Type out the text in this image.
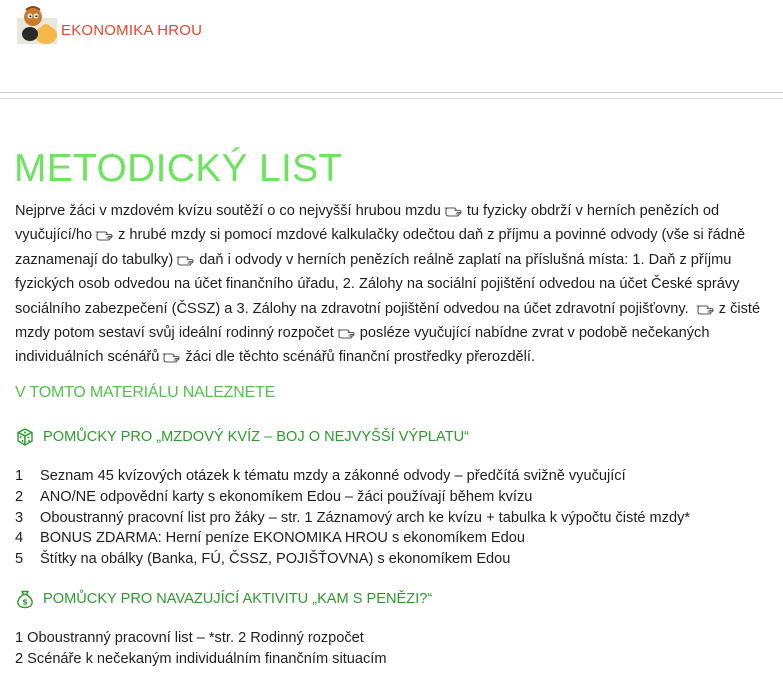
EKONOMIKA HROU
METODICKÝ LIST

Nejprve žáci v mzdovém kvízu soutěží o co nejvyšší hrubou mzdu tu fyzicky obdrží v herních penězích od vyučující/ho z hrubé mzdy si pomocí mzdové kalkulačky odečtou daň z příjmu a povinné odvody (vše si řádně zaznamenají do tabulky) daň i odvody v herních penězích reálně zaplatí na příslušná místa: 1. Daň z příjmu fyzických osob odvedou na účet finančního úřadu, 2. Zálohy na sociální pojištění odvedou na účet České správy sociálního zabezpečení (ČSSZ) a 3. Zálohy na zdravotní pojištění odvedou na účet zdravotní pojišťovny. z čisté mzdy potom sestaví svůj ideální rodinný rozpočet posléze vyučující nabídne zvrat v podobě nečekaných individuálních scénářů žáci dle těchto scénářů finanční prostředky přerozdělí.

V TOMTO MATERIÁLU NALEZNETE
POMŮCKY PRO „MZDOVÝ KVÍZ – BOJ O NEJVYŠŠÍ VÝPLATU“
1	Seznam 45 kvízových otázek k tématu mzdy a zákonné odvody – předčítá svižně vyučující
2	ANO/NE odpovědní karty s ekonomíkem Edou – žáci používají během kvízu
3	Oboustranný pracovní list pro žáky – str. 1 Záznamový arch ke kvízu + tabulka k výpočtu čisté mzdy*
4	BONUS ZDARMA: Herní peníze EKONOMIKA HROU s ekonomíkem Edou
5	Štítky na obálky (Banka, FÚ, ČSSZ, POJIŠŤOVNA) s ekonomíkem Edou
$ POMŮCKY PRO NAVAZUJÍCÍ AKTIVITU „KAM S PENĚZI?“
1 Oboustranný pracovní list – *str. 2 Rodinný rozpočet
2 Scénáře k nečekaným individuálním finančním situacím
